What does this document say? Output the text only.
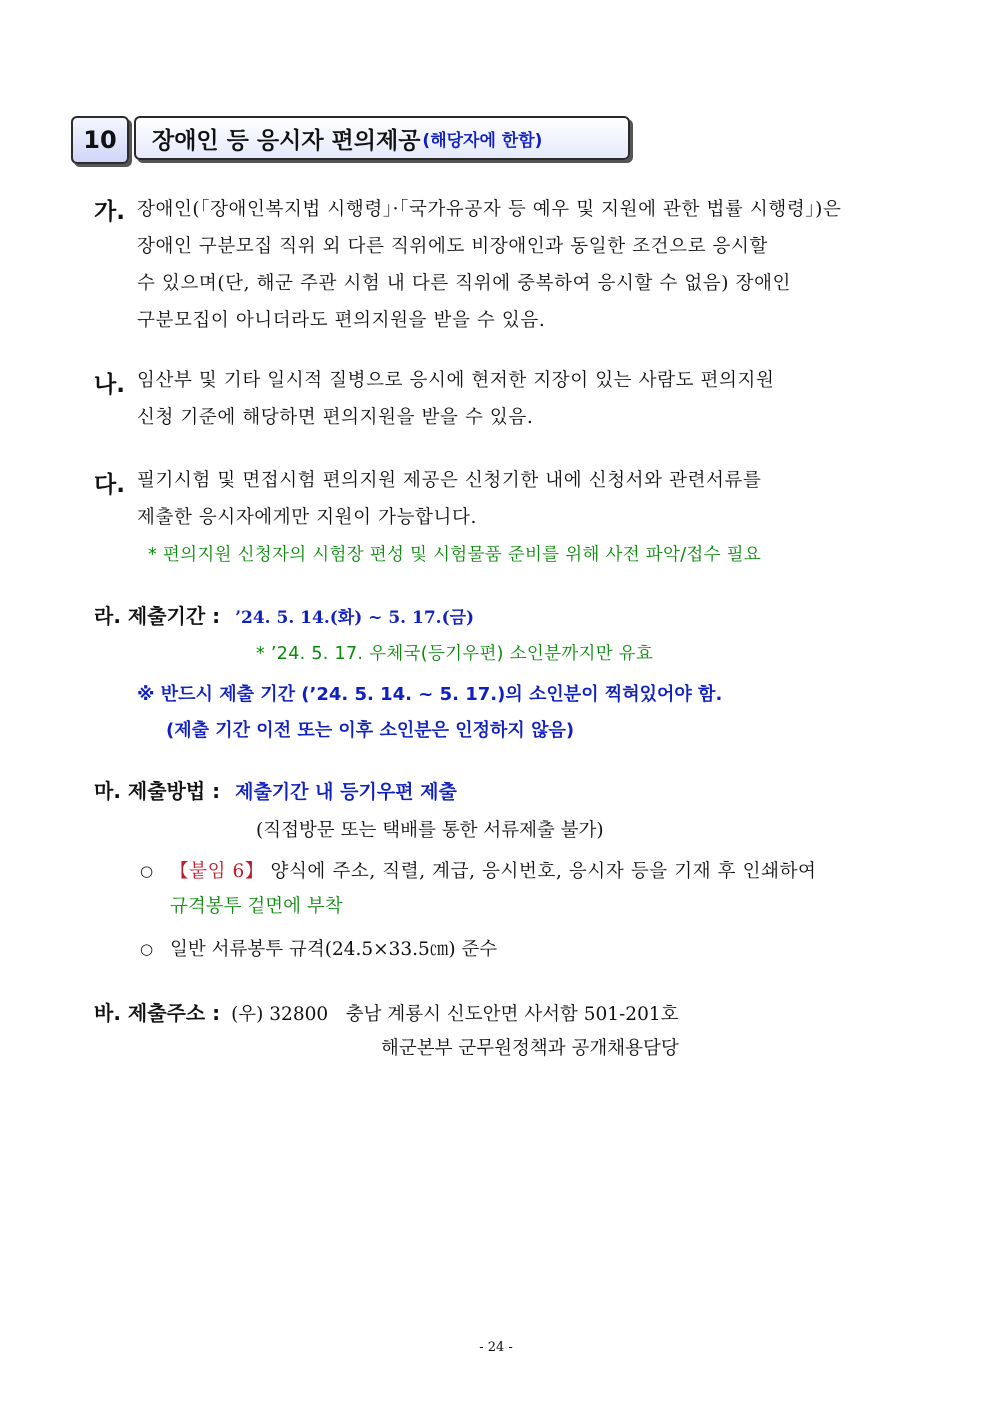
10	장애인 등 응시자 편의제공 (해당자에 한함)
가. 장애인(「장애인복지법 시행령」·「국가유공자 등 예우 및 지원에 관한 법률 시행령」)은
장애인 구분모집 직위 외 다른 직위에도 비장애인과 동일한 조건으로 응시할
수 있으며(단, 해군 주관 시험 내 다른 직위에 중복하여 응시할 수 없음) 장애인
구분모집이 아니더라도 편의지원을 받을 수 있음.
나. 임산부 및 기타 일시적 질병으로 응시에 현저한 지장이 있는 사람도 편의지원
신청 기준에 해당하면 편의지원을 받을 수 있음.
다. 필기시험 및 면접시험 편의지원 제공은 신청기한 내에 신청서와 관련서류를
제출한 응시자에게만 지원이 가능합니다.
* 편의지원 신청자의 시험장 편성 및 시험물품 준비를 위해 사전 파악/접수 필요
라. 제출기간 : ’24. 5. 14.(화) ~ 5. 17.(금)
* ’24. 5. 17. 우체국(등기우편) 소인분까지만 유효
※ 반드시 제출 기간 (’24. 5. 14. ~ 5. 17.)의 소인분이 찍혀있어야 함.
(제출 기간 이전 또는 이후 소인분은 인정하지 않음)
마. 제출방법 : 제출기간 내 등기우편 제출
(직접방문 또는 택배를 통한 서류제출 불가)
○ 【붙임 6】 양식에 주소, 직렬, 계급, 응시번호, 응시자 등을 기재 후 인쇄하여
규격봉투 겉면에 부착
○ 일반 서류봉투 규격(24.5×33.5㎝) 준수
바. 제출주소 : (우) 32800   충남 계룡시 신도안면 사서함 501-201호
해군본부 군무원정책과 공개채용담당
- 24 -
